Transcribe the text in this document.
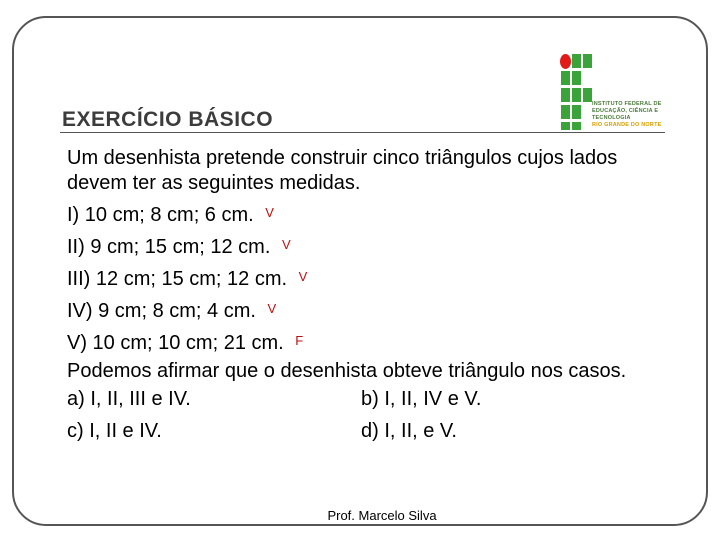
EXERCÍCIO BÁSICO
INSTITUTO FEDERAL DE
EDUCAÇÃO, CIÊNCIA E TECNOLOGIA
RIO GRANDE DO NORTE
Um desenhista pretende construir cinco triângulos cujos lados devem ter as seguintes medidas.
I) 10 cm; 8 cm; 6 cm. V
II) 9 cm; 15 cm; 12 cm. V
III) 12 cm; 15 cm; 12 cm. V
IV) 9 cm; 8 cm; 4 cm. V
V) 10 cm; 10 cm; 21 cm. F
Podemos afirmar que o desenhista obteve triângulo nos casos.
a) I, II, III e IV.	b) I, II, IV e V.
c) I, II e IV.	d) I, II, e V.
Prof. Marcelo Silva
